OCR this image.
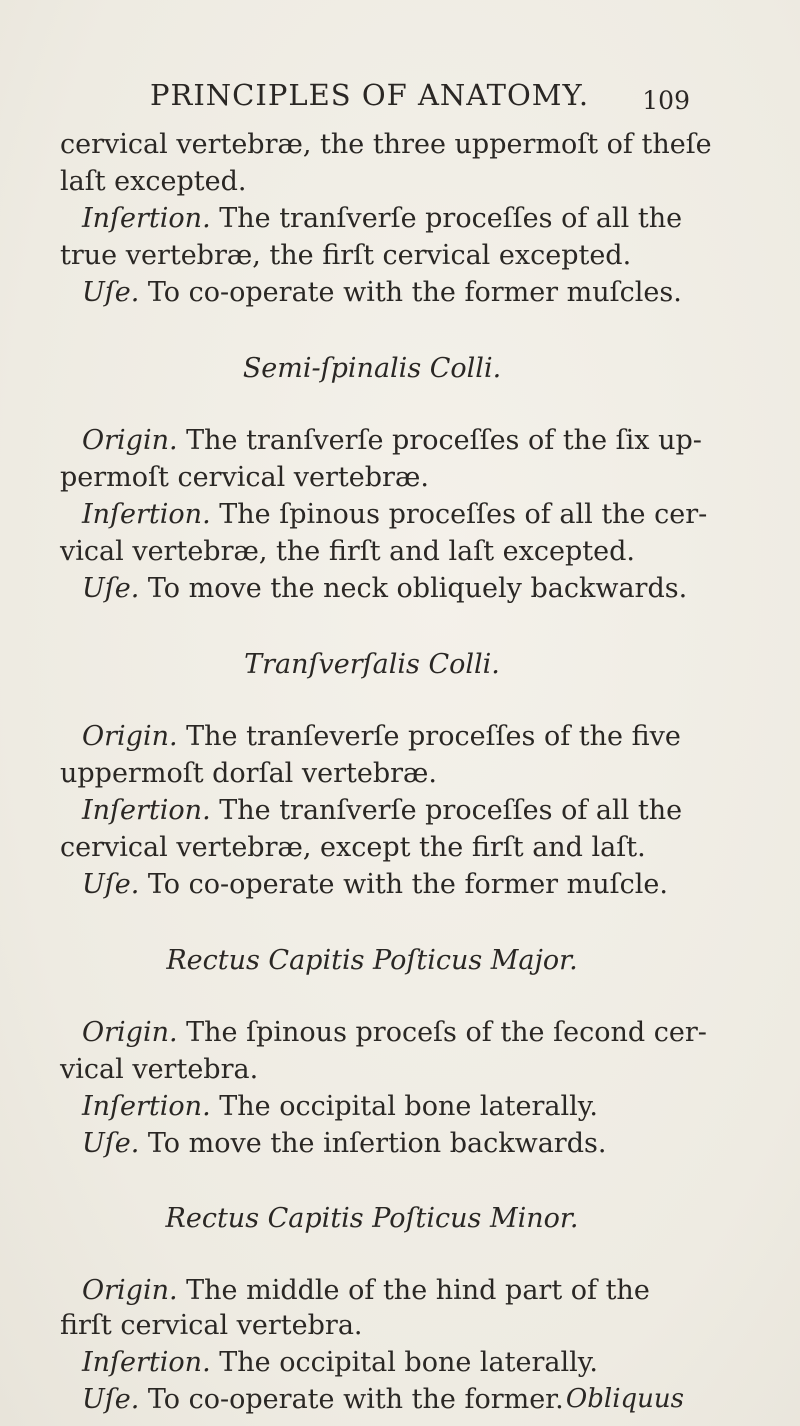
PRINCIPLES OF ANATOMY. 109
cervical vertebræ, the three uppermoſt of theſe
laſt excepted.
Inſertion. The tranſverſe proceſſes of all the
true vertebræ, the firſt cervical excepted.
Uſe. To co-operate with the former muſcles.
Semi-ſpinalis Colli.
Origin. The tranſverſe proceſſes of the ſix up-
permoſt cervical vertebræ.
Inſertion. The ſpinous proceſſes of all the cer-
vical vertebræ, the firſt and laſt excepted.
Uſe. To move the neck obliquely backwards.
Tranſverſalis Colli.
Origin. The tranſeverſe proceſſes of the five
uppermoſt dorſal vertebræ.
Inſertion. The tranſverſe proceſſes of all the
cervical vertebræ, except the firſt and laſt.
Uſe. To co-operate with the former muſcle.
Rectus Capitis Poſticus Major.
Origin. The ſpinous proceſs of the ſecond cer-
vical vertebra.
Inſertion. The occipital bone laterally.
Uſe. To move the inſertion backwards.
Rectus Capitis Poſticus Minor.
Origin. The middle of the hind part of the
firſt cervical vertebra.
Inſertion. The occipital bone laterally.
Uſe. To co-operate with the former. Obliquus
